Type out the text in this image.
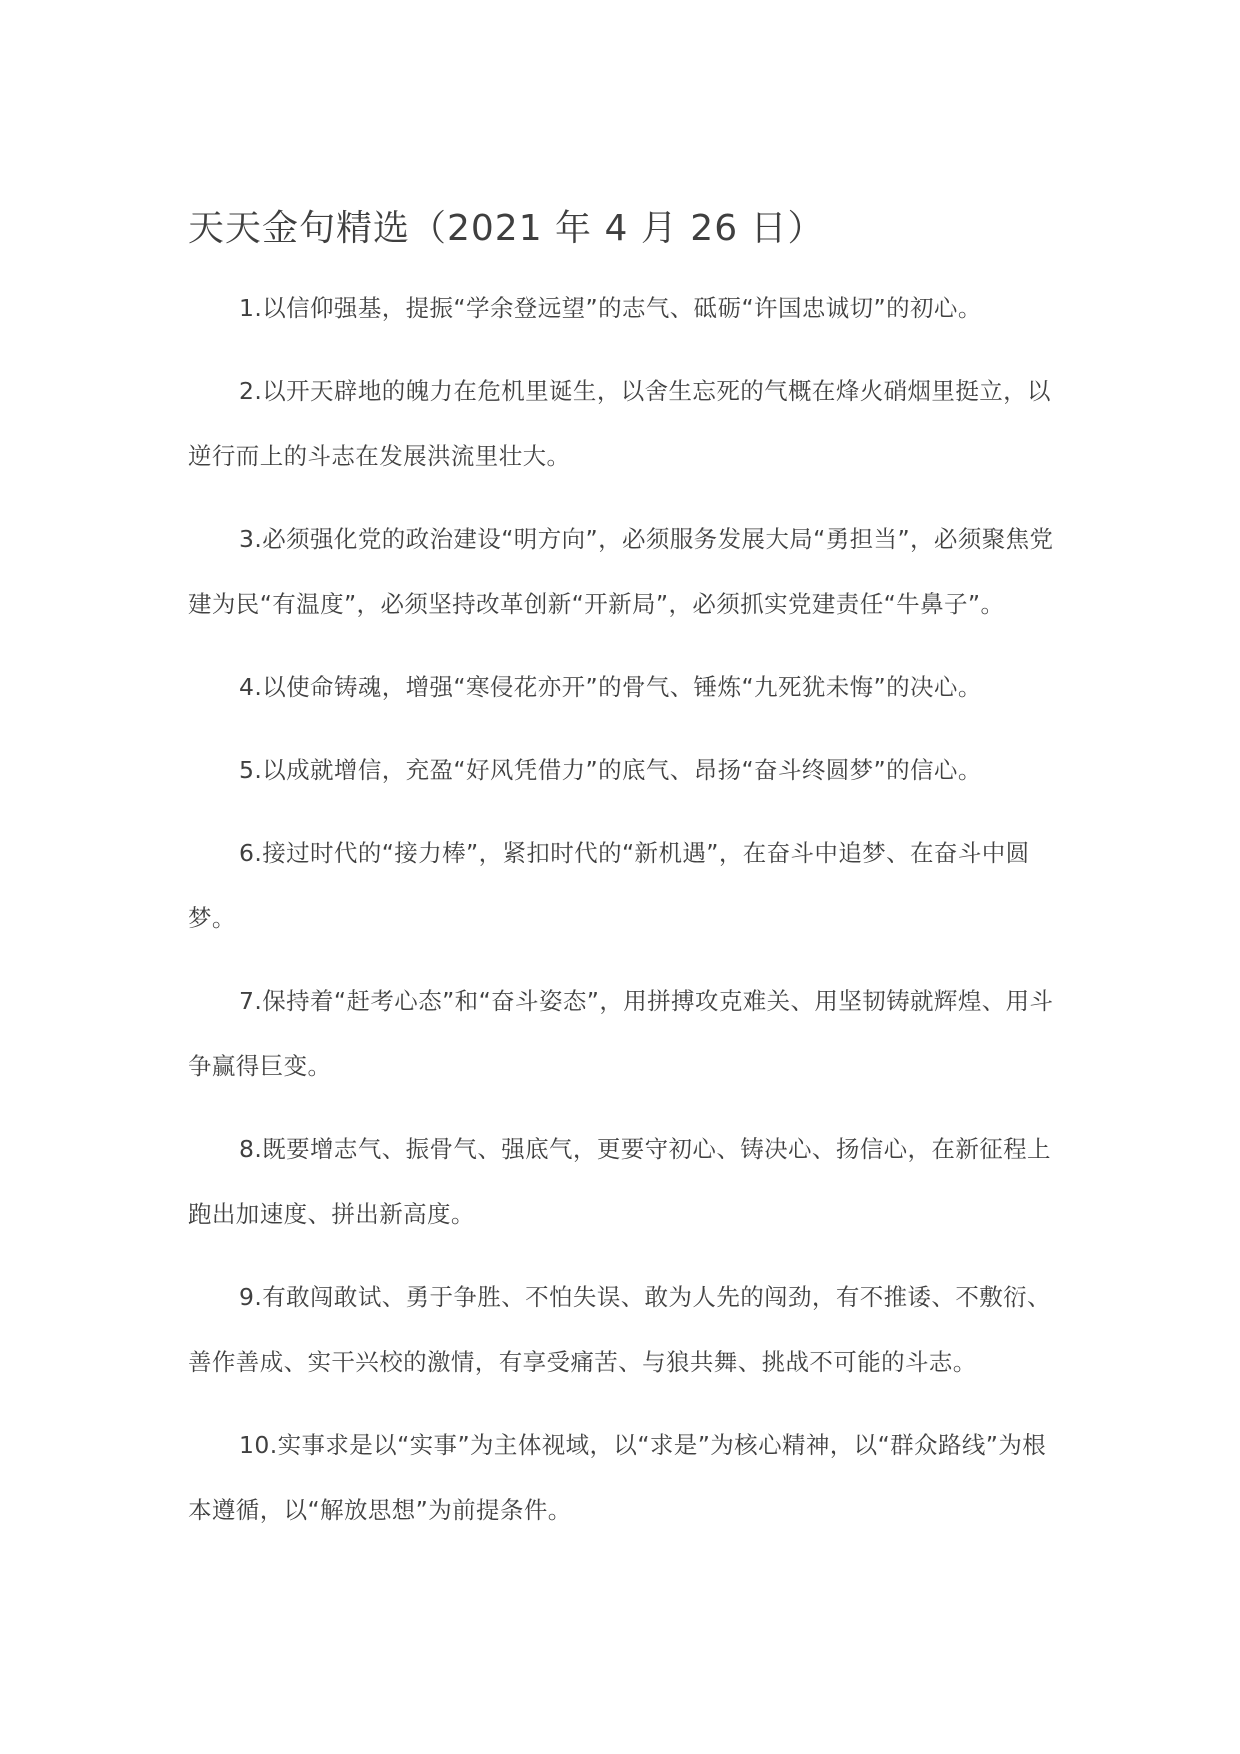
天天金句精选（2021 年 4 月 26 日）

1.以信仰强基，提振“学余登远望”的志气、砥砺“许国忠诚切”的初心。

2.以开天辟地的魄力在危机里诞生，以舍生忘死的气概在烽火硝烟里挺立，以逆行而上的斗志在发展洪流里壮大。

3.必须强化党的政治建设“明方向”，必须服务发展大局“勇担当”，必须聚焦党建为民“有温度”，必须坚持改革创新“开新局”，必须抓实党建责任“牛鼻子”。

4.以使命铸魂，增强“寒侵花亦开”的骨气、锤炼“九死犹未悔”的决心。

5.以成就增信，充盈“好风凭借力”的底气、昂扬“奋斗终圆梦”的信心。

6.接过时代的“接力棒”，紧扣时代的“新机遇”，在奋斗中追梦、在奋斗中圆梦。

7.保持着“赶考心态”和“奋斗姿态”，用拼搏攻克难关、用坚韧铸就辉煌、用斗争赢得巨变。

8.既要增志气、振骨气、强底气，更要守初心、铸决心、扬信心，在新征程上跑出加速度、拼出新高度。

9.有敢闯敢试、勇于争胜、不怕失误、敢为人先的闯劲，有不推诿、不敷衍、善作善成、实干兴校的激情，有享受痛苦、与狼共舞、挑战不可能的斗志。

10.实事求是以“实事”为主体视域，以“求是”为核心精神，以“群众路线”为根本遵循，以“解放思想”为前提条件。
